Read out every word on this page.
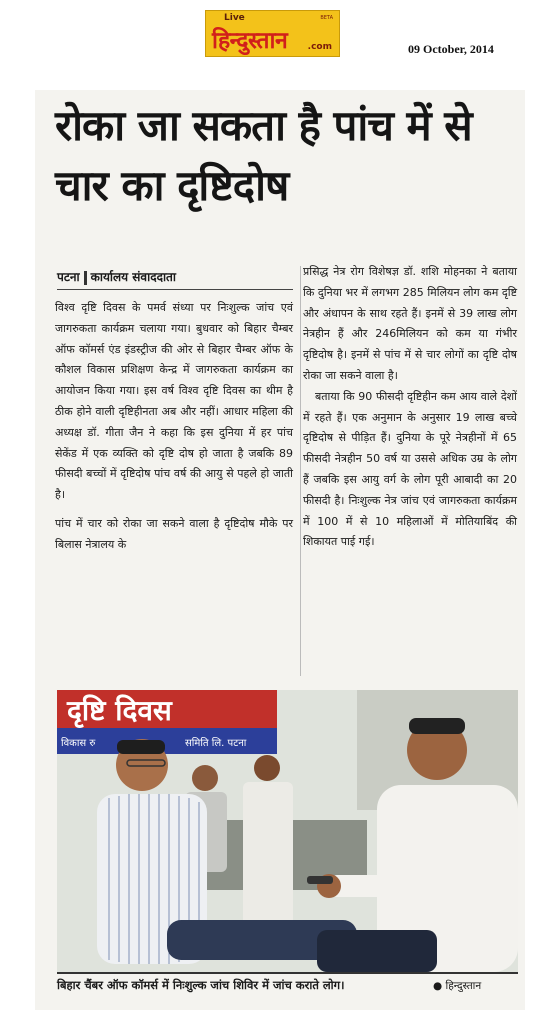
Live	BETA
हिन्दुस्तान .com	09 October, 2014
रोका जा सकता है पांच में से चार का दृष्टिदोष
पटना कार्यालय संवाददाता

विश्व दृष्टि दिवस के पमर्व संध्या पर निःशुल्क जांच एवं जागरुकता कार्यक्रम चलाया गया। बुधवार को बिहार चैम्बर ऑफ कॉमर्स एंड इंडस्ट्रीज की ओर से बिहार चैम्बर ऑफ के कौशल विकास प्रशिक्षण केन्द्र में जागरुकता कार्यक्रम का आयोजन किया गया। इस वर्ष विश्व दृष्टि दिवस का थीम है ठीक होने वाली दृष्टिहीनता अब और नहीं। आधार महिला की अध्यक्ष डॉ. गीता जैन ने कहा कि इस दुनिया में हर पांच सेकेंड में एक व्यक्ति को दृष्टि दोष हो जाता है जबकि 89 फीसदी बच्चों में दृष्टिदोष पांच वर्ष की आयु से पहले हो जाती है।

पांच में चार को रोका जा सकने वाला है दृष्टिदोष मौके पर बिलास नेत्रालय के

प्रसिद्ध नेत्र रोग विशेषज्ञ डॉ. शशि मोहनका ने बताया कि दुनिया भर में लगभग 285 मिलियन लोग कम दृष्टि और अंधापन के साथ रहते हैं। इनमें से 39 लाख लोग नेत्रहीन हैं और 246मिलियन को कम या गंभीर दृष्टिदोष है। इनमें से पांच में से चार लोगों का दृष्टि दोष रोका जा सकने वाला है।

बताया कि 90 फीसदी दृष्टिहीन कम आय वाले देशों में रहते हैं। एक अनुमान के अनुसार 19 लाख बच्चे दृष्टिदोष से पीड़ित हैं। दुनिया के पूरे नेत्रहीनों में 65 फीसदी नेत्रहीन 50 वर्ष या उससे अधिक उम्र के लोग हैं जबकि इस आयु वर्ग के लोग पूरी आबादी का 20 फीसदी है। निःशुल्क नेत्र जांच एवं जागरुकता कार्यक्रम में 100 में से 10 महिलाओं में मोतियाबिंद की शिकायत पाई गई।

दृष्टि दिवस
विकास रु	समिति लि. पटना
बिहार चैंबर ऑफ कॉमर्स में निःशुल्क जांच शिविर में जांच कराते लोग।	● हिन्दुस्तान
